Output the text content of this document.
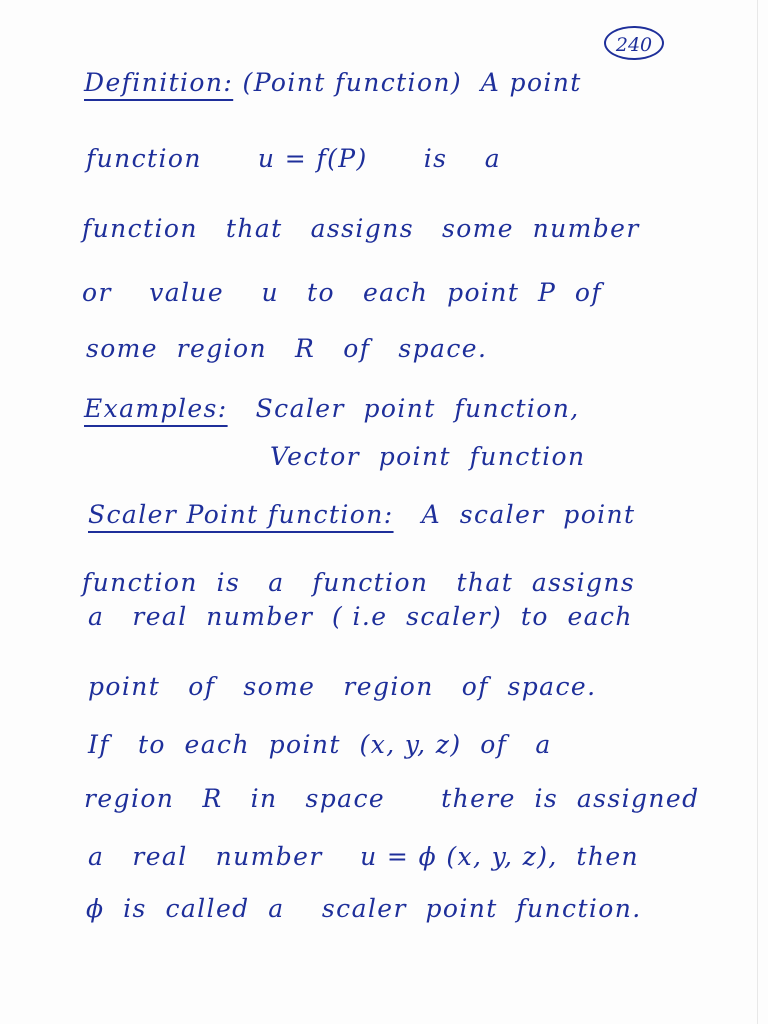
240
Definition: (Point function)  A point
function      u = f(P)      is    a
function   that   assigns   some  number
or    value    u   to   each  point  P  of
some  region   R   of   space.
Examples:   Scaler  point  function,
Vector  point  function
Scaler Point function:   A  scaler  point
function  is   a   function   that  assigns
a   real  number  ( i.e  scaler)  to  each
point   of   some   region   of  space.
If   to  each  point  (x, y, z)  of   a
region   R   in   space      there  is  assigned
a   real   number    u = ϕ (x, y, z),  then
ϕ  is  called  a    scaler  point  function.
